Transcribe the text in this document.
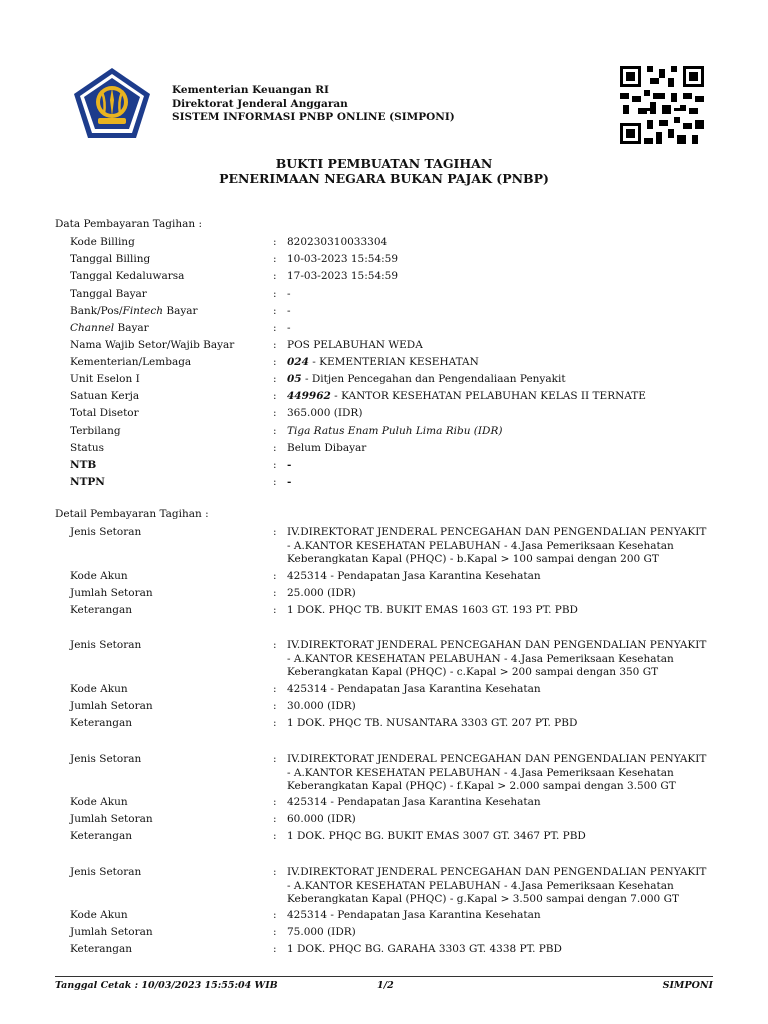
Kementerian Keuangan RI
Direktorat Jenderal Anggaran
SISTEM INFORMASI PNBP ONLINE (SIMPONI)
BUKTI PEMBUATAN TAGIHAN
PENERIMAAN NEGARA BUKAN PAJAK (PNBP)
Data Pembayaran Tagihan :
Kode Billing	: 820230310033304
Tanggal Billing	: 10-03-2023 15:54:59
Tanggal Kedaluwarsa	: 17-03-2023 15:54:59
Tanggal Bayar	: -
Bank/Pos/Fintech Bayar	: -
Channel Bayar	: -
Nama Wajib Setor/Wajib Bayar	: POS PELABUHAN WEDA
Kementerian/Lembaga	: 024 - KEMENTERIAN KESEHATAN
Unit Eselon I	: 05 - Ditjen Pencegahan dan Pengendaliaan Penyakit
Satuan Kerja	: 449962 - KANTOR KESEHATAN PELABUHAN KELAS II TERNATE
Total Disetor	: 365.000 (IDR)
Terbilang	: Tiga Ratus Enam Puluh Lima Ribu (IDR)
Status	: Belum Dibayar
NTB	: -
NTPN	: -
Detail Pembayaran Tagihan :
Jenis Setoran	: IV.DIREKTORAT JENDERAL PENCEGAHAN DAN PENGENDALIAN PENYAKIT
- A.KANTOR KESEHATAN PELABUHAN - 4.Jasa Pemeriksaan Kesehatan
Keberangkatan Kapal (PHQC) - b.Kapal > 100 sampai dengan 200 GT
Kode Akun	: 425314 - Pendapatan Jasa Karantina Kesehatan
Jumlah Setoran	: 25.000 (IDR)
Keterangan	: 1 DOK. PHQC TB. BUKIT EMAS 1603 GT. 193 PT. PBD
Jenis Setoran	: IV.DIREKTORAT JENDERAL PENCEGAHAN DAN PENGENDALIAN PENYAKIT
- A.KANTOR KESEHATAN PELABUHAN - 4.Jasa Pemeriksaan Kesehatan
Keberangkatan Kapal (PHQC) - c.Kapal > 200 sampai dengan 350 GT
Kode Akun	: 425314 - Pendapatan Jasa Karantina Kesehatan
Jumlah Setoran	: 30.000 (IDR)
Keterangan	: 1 DOK. PHQC TB. NUSANTARA 3303 GT. 207 PT. PBD
Jenis Setoran	: IV.DIREKTORAT JENDERAL PENCEGAHAN DAN PENGENDALIAN PENYAKIT
- A.KANTOR KESEHATAN PELABUHAN - 4.Jasa Pemeriksaan Kesehatan
Keberangkatan Kapal (PHQC) - f.Kapal > 2.000 sampai dengan 3.500 GT
Kode Akun	: 425314 - Pendapatan Jasa Karantina Kesehatan
Jumlah Setoran	: 60.000 (IDR)
Keterangan	: 1 DOK. PHQC BG. BUKIT EMAS 3007 GT. 3467 PT. PBD
Jenis Setoran	: IV.DIREKTORAT JENDERAL PENCEGAHAN DAN PENGENDALIAN PENYAKIT
- A.KANTOR KESEHATAN PELABUHAN - 4.Jasa Pemeriksaan Kesehatan
Keberangkatan Kapal (PHQC) - g.Kapal > 3.500 sampai dengan 7.000 GT
Kode Akun	: 425314 - Pendapatan Jasa Karantina Kesehatan
Jumlah Setoran	: 75.000 (IDR)
Keterangan	: 1 DOK. PHQC BG. GARAHA 3303 GT. 4338 PT. PBD
Tanggal Cetak : 10/03/2023 15:55:04 WIB	1/2	SIMPONI
